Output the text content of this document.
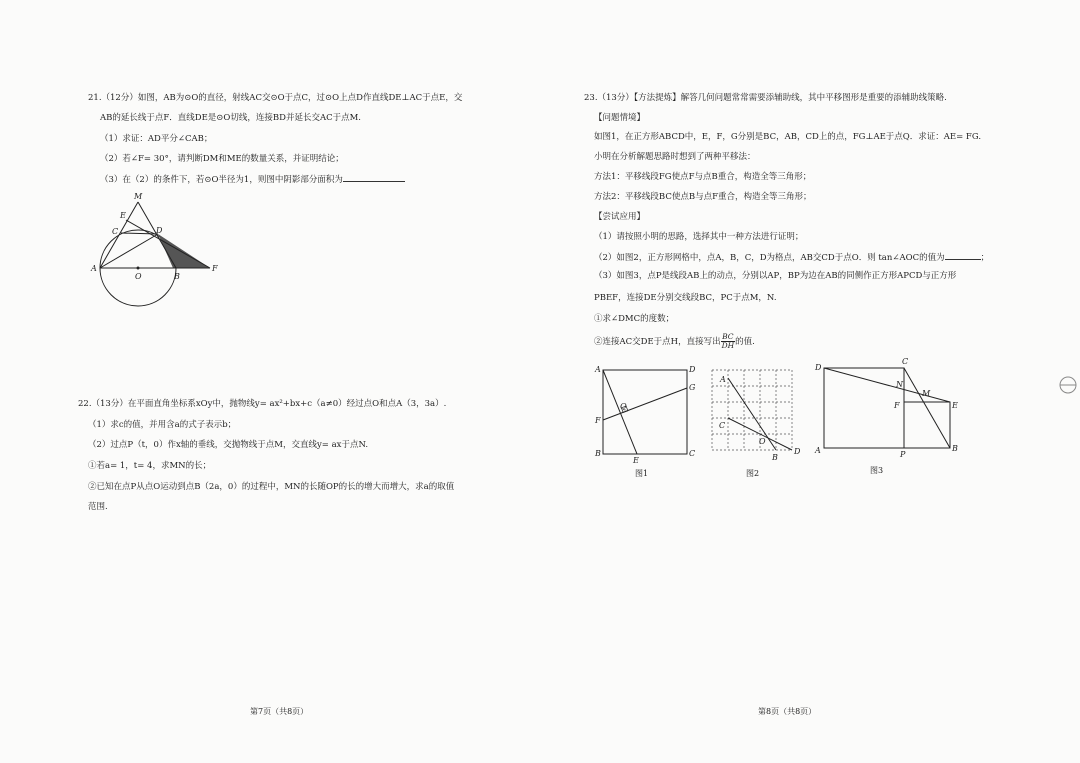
21.（12分）如图，AB为⊙O的直径，射线AC交⊙O于点C，过⊙O上点D作直线DE⊥AC于点E，交
AB的延长线于点F．直线DE是⊙O切线，连接BD并延长交AC于点M.
（1）求证：AD平分∠CAB；
（2）若∠F= 30°，请判断DM和ME的数量关系，并证明结论；
（3）在（2）的条件下，若⊙O半径为1，则图中阴影部分面积为
M
E
C	D
A
O	B
F
22.（13分）在平面直角坐标系xOy中，抛物线y= ax²+bx+c（a≠0）经过点O和点A（3，3a）.
（1）求c的值，并用含a的式子表示b；
（2）过点P（t，0）作x轴的垂线，交抛物线于点M，交直线y= ax于点N.
①若a= 1，t= 4，求MN的长；
②已知在点P从点O运动到点B（2a，0）的过程中，MN的长随OP的长的增大而增大，求a的取值
范围.
第7页（共8页）
23.（13分）【方法提炼】解答几何问题常常需要添辅助线，其中平移图形是重要的添辅助线策略.
【问题情境】
如图1，在正方形ABCD中，E，F，G分别是BC，AB，CD上的点，FG⊥AE于点Q．求证：AE= FG.
小明在分析解题思路时想到了两种平移法：
方法1：平移线段FG使点F与点B重合，构造全等三角形；
方法2：平移线段BC使点B与点F重合，构造全等三角形；
【尝试应用】
（1）请按照小明的思路，选择其中一种方法进行证明；
（2）如图2，正方形网格中，点A，B，C，D为格点，AB交CD于点O．则 tan∠AOC的值为	；
（3）如图3，点P是线段AB上的动点，分别以AP，BP为边在AB的同侧作正方形APCD与正方形
PBEF，连接DE分别交线段BC，PC于点M，N.
①求∠DMC的度数；
②连接AC交DE于点H，直接写出 $\frac{BC}{DH}$ 的值.
A	D
G
Q
F
B
E
C
图1
A
C
O
B
D
图2
D
C
N
M
F	E
A	P
B
图3
第8页（共8页）
